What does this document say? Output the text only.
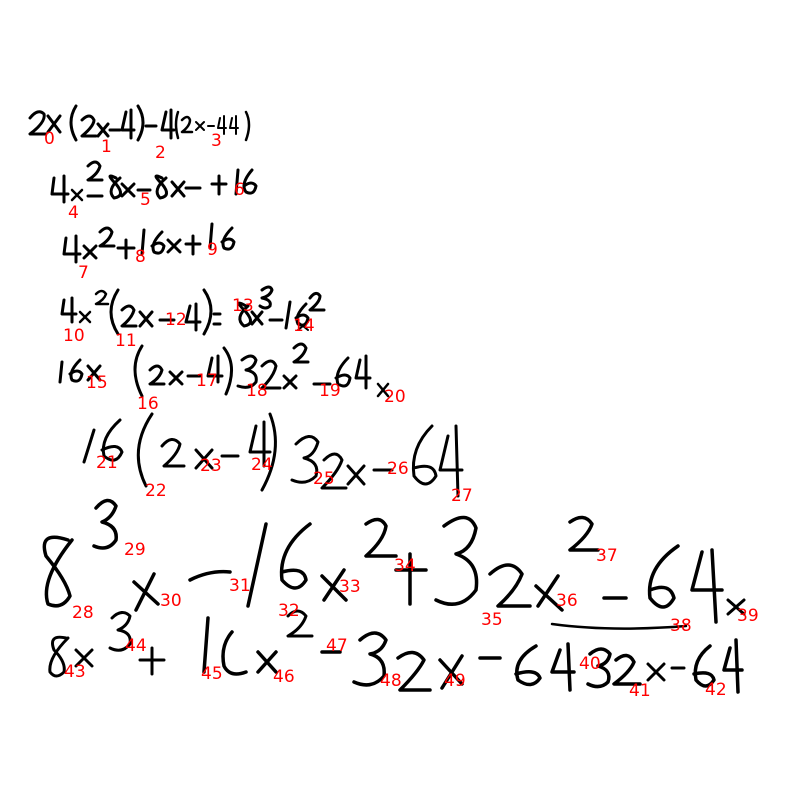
0	1	2
3
4
5	6
7
8	9
10 11
12
13
14
15
16
17 18	19	20
21
22
23 24
25	26
27
28
29
30
31
32
33
34
35
36
37
38	39
40
41	42
43
44
45	46
47
48 49
